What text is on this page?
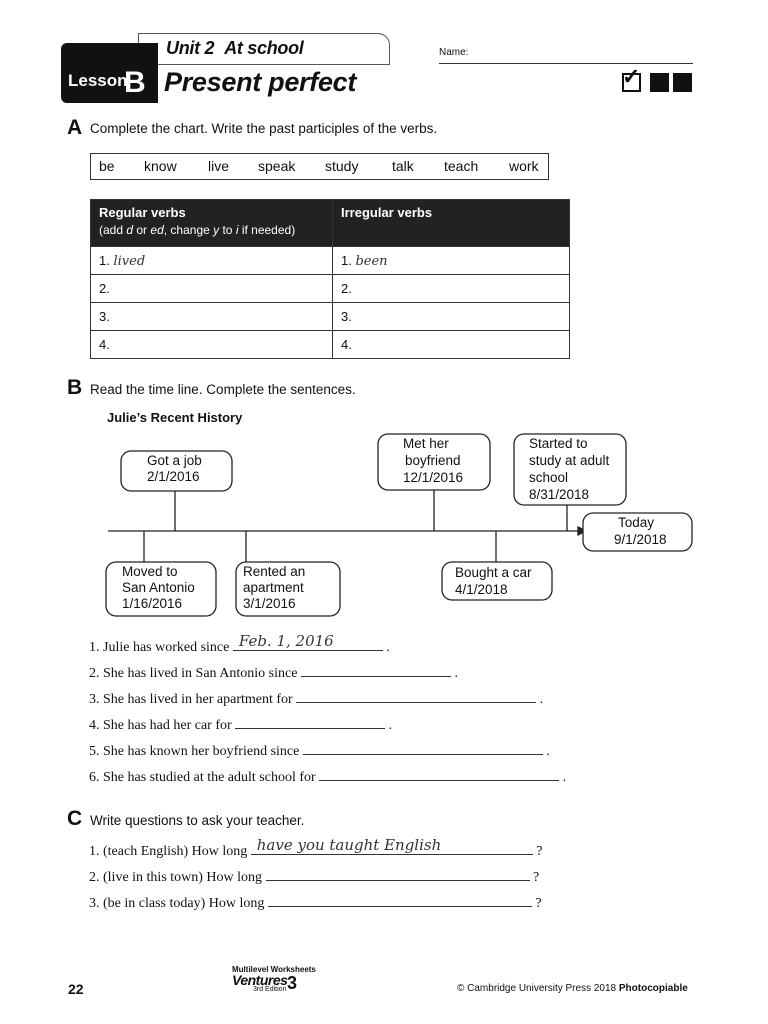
Unit 2 At school
Lesson
B Present perfect
Name:
✓
A Complete the chart. Write the past participles of the verbs.
be know live speak study talk teach work
Regular verbs
(add d or ed, change y to i if needed)	Irregular verbs

1. lived	1. been
2.	2.
3.	3.
4.	4.
B Read the time line. Complete the sentences.
Julie’s Recent History
Got a job
2/1/2016
Moved to
San Antonio
1/16/2016
Rented an
apartment
3/1/2016
Met her
boyfriend
12/1/2016
Bought a car
4/1/2018
Started to
study at adult
school
8/31/2018
Today
9/1/2018
1. Julie has worked since Feb. 1, 2016	.
2. She has lived in San Antonio since	.
3. She has lived in her apartment for	.
4. She has had her car for	.
5. She has known her boyfriend since	.
6. She has studied at the adult school for	.
C Write questions to ask your teacher.
1. (teach English) How long have you taught English	?
2. (live in this town) How long	?
3. (be in class today) How long	?
22
Multilevel Worksheets
Ventures
3rd Edition 3	© Cambridge University Press 2018 Photocopiable
